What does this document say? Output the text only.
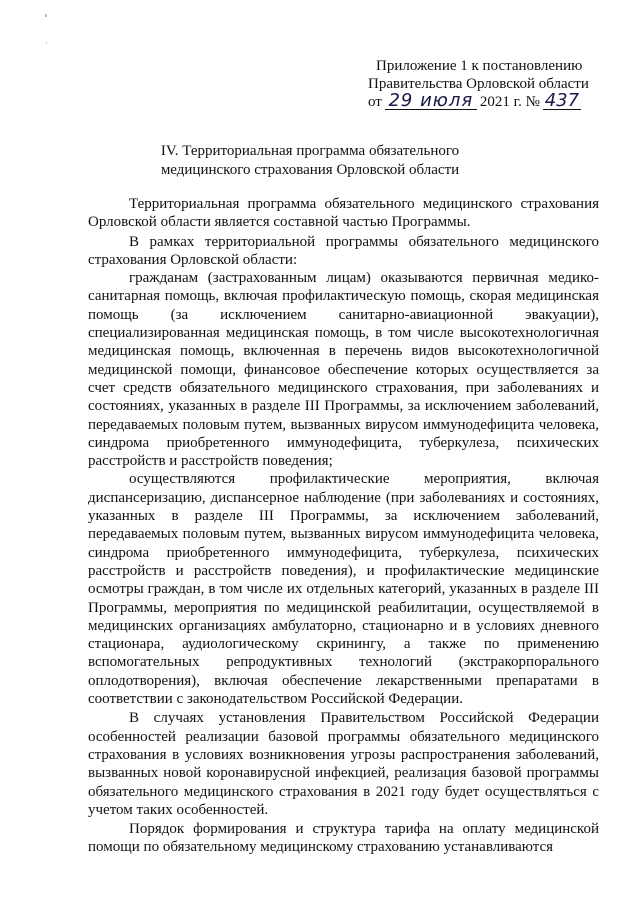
Приложение 1 к постановлению
Правительства Орловской области
от 29 июля 2021 г. № 437
IV. Территориальная программа обязательного
медицинского страхования Орловской области

Территориальная программа обязательного медицинского страхования Орловской области является составной частью Программы.

В рамках территориальной программы обязательного медицинского страхования Орловской области:

гражданам (застрахованным лицам) оказываются первичная медико-санитарная помощь, включая профилактическую помощь, скорая медицинская помощь (за исключением санитарно-авиационной эвакуации), специализированная медицинская помощь, в том числе высокотехнологичная медицинская помощь, включенная в перечень видов высокотехнологичной медицинской помощи, финансовое обеспечение которых осуществляется за счет средств обязательного медицинского страхования, при заболеваниях и состояниях, указанных в разделе III Программы, за исключением заболеваний, передаваемых половым путем, вызванных вирусом иммунодефицита человека, синдрома приобретенного иммунодефицита, туберкулеза, психических расстройств и расстройств поведения;

осуществляются профилактические мероприятия, включая диспансеризацию, диспансерное наблюдение (при заболеваниях и состояниях, указанных в разделе III Программы, за исключением заболеваний, передаваемых половым путем, вызванных вирусом иммунодефицита человека, синдрома приобретенного иммунодефицита, туберкулеза, психических расстройств и расстройств поведения), и профилактические медицинские осмотры граждан, в том числе их отдельных категорий, указанных в разделе III Программы, мероприятия по медицинской реабилитации, осуществляемой в медицинских организациях амбулаторно, стационарно и в условиях дневного стационара, аудиологическому скринингу, а также по применению вспомогательных репродуктивных технологий (экстракорпорального оплодотворения), включая обеспечение лекарственными препаратами в соответствии с законодательством Российской Федерации.

В случаях установления Правительством Российской Федерации особенностей реализации базовой программы обязательного медицинского страхования в условиях возникновения угрозы распространения заболеваний, вызванных новой коронавирусной инфекцией, реализация базовой программы обязательного медицинского страхования в 2021 году будет осуществляться с учетом таких особенностей.

Порядок формирования и структура тарифа на оплату медицинской помощи по обязательному медицинскому страхованию устанавливаются
